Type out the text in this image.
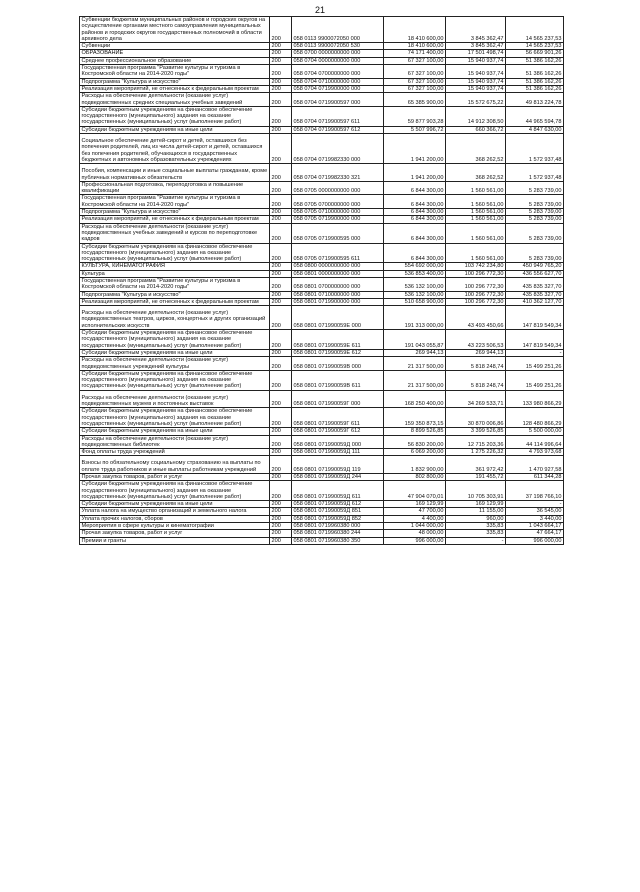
21
Субвенции бюджетам муниципальных районов и городских округов на осуществление органами местного самоуправления муниципальных районов и городских округов государственных полномочий в области архивного дела	200	058 0113 9900072050 000	18 410 600,00	3 845 362,47	14 565 237,53
Субвенции	200	058 0113 9900072050 530	18 410 600,00	3 845 362,47	14 565 237,53
ОБРАЗОВАНИЕ	200	058 0700 0000000000 000	74 171 400,00	17 501 498,74	56 669 901,26
Среднее профессиональное образование	200	058 0704 0000000000 000	67 327 100,00	15 940 937,74	51 386 162,26
Государственная программа "Развитие культуры и туризма в Костромской области на 2014-2020 годы"	200	058 0704 0700000000 000	67 327 100,00	15 940 937,74	51 386 162,26
Подпрограмма "Культура и искусство"	200	058 0704 0710000000 000	67 327 100,00	15 940 937,74	51 386 162,26
Реализация мероприятий, не отнесенных к федеральным проектам	200	058 0704 0719900000 000	67 327 100,00	15 940 937,74	51 386 162,26
Расходы на обеспечение деятельности (оказание услуг) подведомственных средних специальных учебных заведений	200	058 0704 0719900597 000	65 385 900,00	15 572 675,22	49 813 224,78
Субсидии бюджетным учреждениям на финансовое обеспечение государственного (муниципального) задания на оказание государственных (муниципальных) услуг (выполнение работ)	200	058 0704 0719900597 611	59 877 903,28	14 912 308,50	44 965 594,78
Субсидии бюджетным учреждениям на иные цели	200	058 0704 0719900597 612	5 507 996,72	660 366,72	4 847 630,00
Социальное обеспечение детей-сирот и детей, оставшихся без попечения родителей, лиц из числа детей-сирот и детей, оставшихся без попечения родителей, обучающихся в государственных бюджетных и автономных образовательных учреждениях	200	058 0704 0719982330 000	1 941 200,00	368 262,52	1 572 937,48
Пособия, компенсации и иные социальные выплаты гражданам, кроме публичных нормативных обязательств	200	058 0704 0719982330 321	1 941 200,00	368 262,52	1 572 937,48
Профессиональная подготовка, переподготовка и повышение квалификации	200	058 0705 0000000000 000	6 844 300,00	1 560 561,00	5 283 739,00
Государственная программа "Развитие культуры и туризма в Костромской области на 2014-2020 годы"	200	058 0705 0700000000 000	6 844 300,00	1 560 561,00	5 283 739,00
Подпрограмма "Культура и искусство"	200	058 0705 0710000000 000	6 844 300,00	1 560 561,00	5 283 739,00
Реализация мероприятий, не отнесенных к федеральным проектам	200	058 0705 0719900000 000	6 844 300,00	1 560 561,00	5 283 739,00
Расходы на обеспечение деятельности (оказание услуг) подведомственных учебных заведений и курсов по переподготовке кадров	200	058 0705 0719900595 000	6 844 300,00	1 560 561,00	5 283 739,00
Субсидии бюджетным учреждениям на финансовое обеспечение государственного (муниципального) задания на оказание государственных (муниципальных) услуг (выполнение работ)	200	058 0705 0719900595 611	6 844 300,00	1 560 561,00	5 283 739,00
КУЛЬТУРА, КИНЕМАТОГРАФИЯ	200	058 0800 0000000000 000	554 692 000,00	103 742 234,80	450 949 765,20
Культура	200	058 0801 0000000000 000	536 853 400,00	100 296 772,30	436 556 627,70
Государственная программа "Развитие культуры и туризма в Костромской области на 2014-2020 годы"	200	058 0801 0700000000 000	536 132 100,00	100 296 772,30	435 835 327,70
Подпрограмма "Культура и искусство"	200	058 0801 0710000000 000	536 132 100,00	100 296 772,30	435 835 327,70
Реализация мероприятий, не отнесенных к федеральным проектам	200	058 0801 0719900000 000	510 658 900,00	100 296 772,30	410 362 127,70
Расходы на обеспечение деятельности (оказание услуг) подведомственных театров, цирков, концертных и других организаций исполнительских искусств	200	058 0801 071990059Е 000	191 313 000,00	43 493 450,66	147 819 549,34
Субсидии бюджетным учреждениям на финансовое обеспечение государственного (муниципального) задания на оказание государственных (муниципальных) услуг (выполнение работ)	200	058 0801 071990059Е 611	191 043 055,87	43 223 506,53	147 819 549,34
Субсидии бюджетным учреждениям на иные цели	200	058 0801 071990059Е 612	269 944,13	269 944,13	-
Расходы на обеспечение деятельности (оказание услуг) подведомственных учреждений культуры	200	058 0801 071990059В 000	21 317 500,00	5 818 248,74	15 499 251,26
Субсидии бюджетным учреждениям на финансовое обеспечение государственного (муниципального) задания на оказание государственных (муниципальных) услуг (выполнение работ)	200	058 0801 071990059В 611	21 317 500,00	5 818 248,74	15 499 251,26
Расходы на обеспечение деятельности (оказание услуг) подведомственных музеев и постоянных выставок	200	058 0801 071990059Г 000	168 250 400,00	34 269 533,71	133 980 866,29
Субсидии бюджетным учреждениям на финансовое обеспечение государственного (муниципального) задания на оказание государственных (муниципальных) услуг (выполнение работ)	200	058 0801 071990059Г 611	159 350 873,15	30 870 006,86	128 480 866,29
Субсидии бюджетным учреждениям на иные цели	200	058 0801 071990059Г 612	8 899 526,85	3 399 526,85	5 500 000,00
Расходы на обеспечение деятельности (оказание услуг) подведомственных библиотек	200	058 0801 071990059Д 000	56 830 200,00	12 715 203,36	44 114 996,64
Фонд оплаты труда учреждений	200	058 0801 071990059Д 111	6 069 200,00	1 275 226,32	4 793 973,68
Взносы по обязательному социальному страхованию на выплаты по оплате труда работников и иные выплаты работникам учреждений	200	058 0801 071990059Д 119	1 832 900,00	361 972,42	1 470 927,58
Прочая закупка товаров, работ и услуг	200	058 0801 071990059Д 244	802 800,00	191 455,72	611 344,28
Субсидии бюджетным учреждениям на финансовое обеспечение государственного (муниципального) задания на оказание государственных (муниципальных) услуг (выполнение работ)	200	058 0801 071990059Д 611	47 904 070,01	10 705 303,91	37 198 766,10
Субсидии бюджетным учреждениям на иные цели	200	058 0801 071990059Д 612	169 129,99	169 129,99	-
Уплата налога на имущество организаций и земельного налога	200	058 0801 071990059Д 851	47 700,00	11 155,00	36 545,00
Уплата прочих налогов, сборов	200	058 0801 071990059Д 852	4 400,00	960,00	3 440,00
Мероприятия в сфере культуры и кинематографии	200	058 0801 0719960380 000	1 044 000,00	335,83	1 043 664,17
Прочая закупка товаров, работ и услуг	200	058 0801 0719960380 244	48 000,00	335,83	47 664,17
Премии и гранты	200	058 0801 0719960380 350	996 000,00	-	996 000,00
